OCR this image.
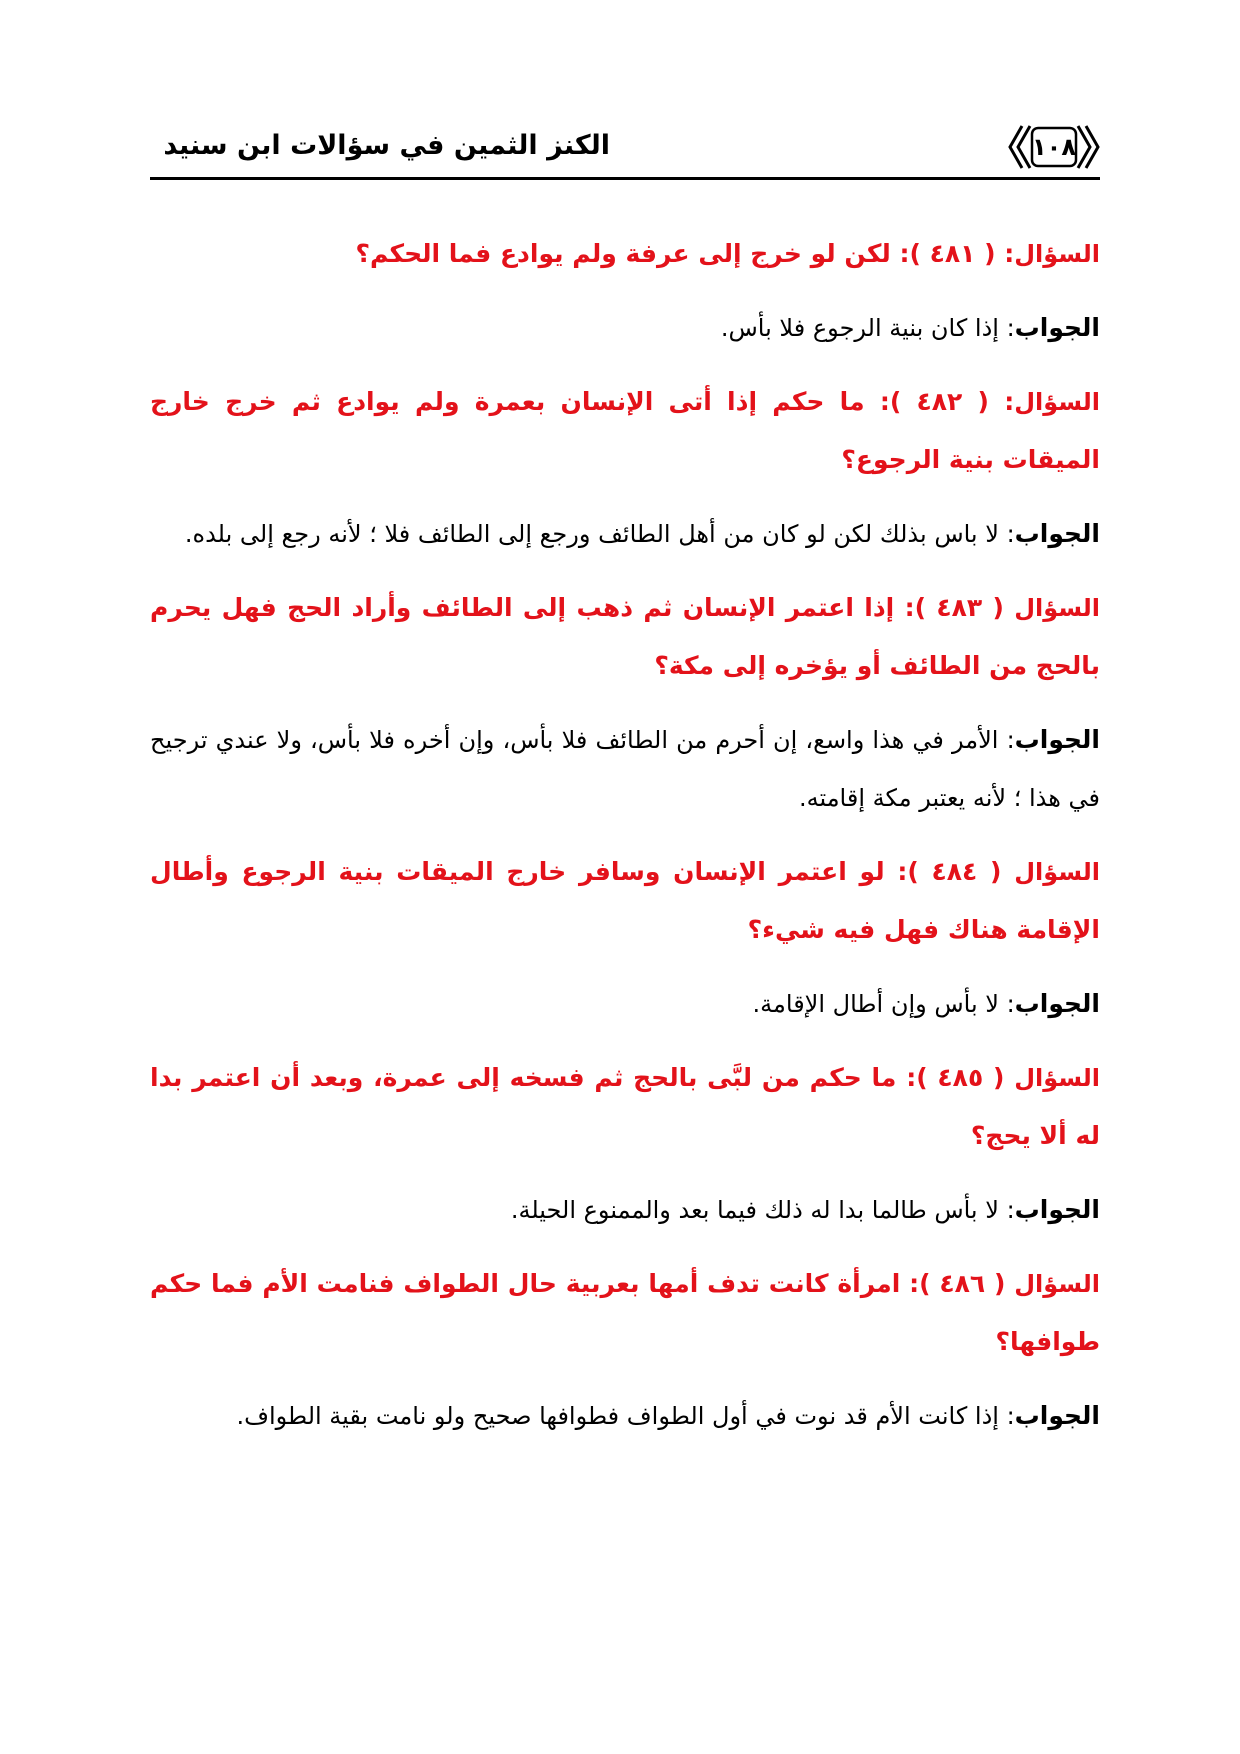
الكنز الثمين في سؤالات ابن سنيد	١٠٨

السؤال: ( ٤٨١ ): لكن لو خرج إلى عرفة ولم يوادع فما الحكم؟

الجواب: إذا كان بنية الرجوع فلا بأس.

السؤال: ( ٤٨٢ ): ما حكم إذا أتى الإنسان بعمرة ولم يوادع ثم خرج خارج الميقات بنية الرجوع؟

الجواب: لا باس بذلك لكن لو كان من أهل الطائف ورجع إلى الطائف فلا ؛ لأنه رجع إلى بلده.

السؤال ( ٤٨٣ ): إذا اعتمر الإنسان ثم ذهب إلى الطائف وأراد الحج فهل يحرم بالحج من الطائف أو يؤخره إلى مكة؟

الجواب: الأمر في هذا واسع، إن أحرم من الطائف فلا بأس، وإن أخره فلا بأس، ولا عندي ترجيح في هذا ؛ لأنه يعتبر مكة إقامته.

السؤال ( ٤٨٤ ): لو اعتمر الإنسان وسافر خارج الميقات بنية الرجوع وأطال الإقامة هناك فهل فيه شيء؟

الجواب: لا بأس وإن أطال الإقامة.

السؤال ( ٤٨٥ ): ما حكم من لبَّى بالحج ثم فسخه إلى عمرة، وبعد أن اعتمر بدا له ألا يحج؟

الجواب: لا بأس طالما بدا له ذلك فيما بعد والممنوع الحيلة.

السؤال ( ٤٨٦ ): امرأة كانت تدف أمها بعربية حال الطواف فنامت الأم فما حكم طوافها؟

الجواب: إذا كانت الأم قد نوت في أول الطواف فطوافها صحيح ولو نامت بقية الطواف.
